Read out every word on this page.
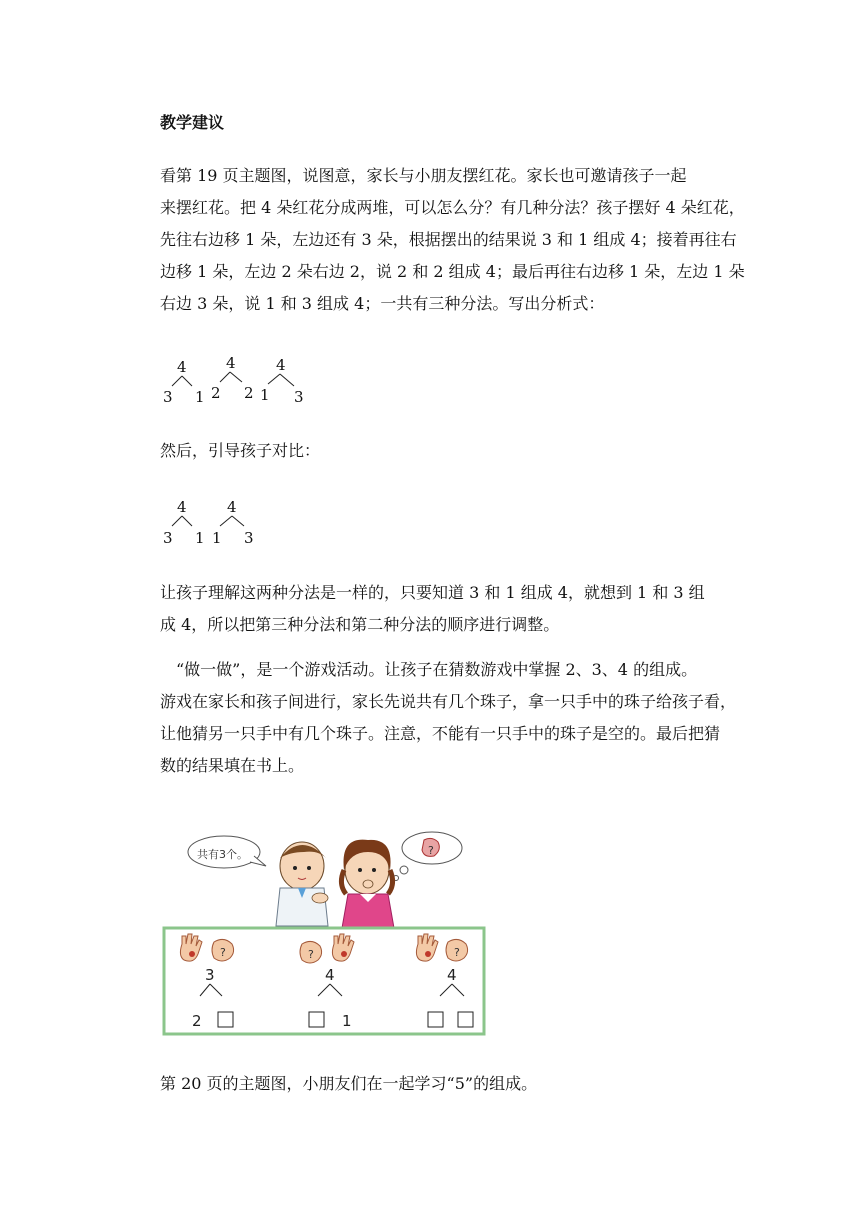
教学建议

看第 19 页主题图，说图意，家长与小朋友摆红花。家长也可邀请孩子一起
来摆红花。把 4 朵红花分成两堆，可以怎么分？有几种分法？孩子摆好 4 朵红花，
先往右边移 1 朵，左边还有 3 朵，根据摆出的结果说 3 和 1 组成 4；接着再往右
边移 1 朵，左边 2 朵右边 2，说 2 和 2 组成 4；最后再往右边移 1 朵，左边 1 朵
右边 3 朵，说 1 和 3 组成 4；一共有三种分法。写出分析式：

4
3 1
4
2 2
4
1 3

然后，引导孩子对比：

4
3 1
4
1 3

让孩子理解这两种分法是一样的，只要知道 3 和 1 组成 4，就想到 1 和 3 组
成 4，所以把第三种分法和第二种分法的顺序进行调整。

　“做一做”，是一个游戏活动。让孩子在猜数游戏中掌握 2、3、4 的组成。
游戏在家长和孩子间进行，家长先说共有几个珠子，拿一只手中的珠子给孩子看，
让他猜另一只手中有几个珠子。注意，不能有一只手中的珠子是空的。最后把猜
数的结果填在书上。

?
?	?	?
3
2
4
1
4
共有3个。

第 20 页的主题图，小朋友们在一起学习“5”的组成。
